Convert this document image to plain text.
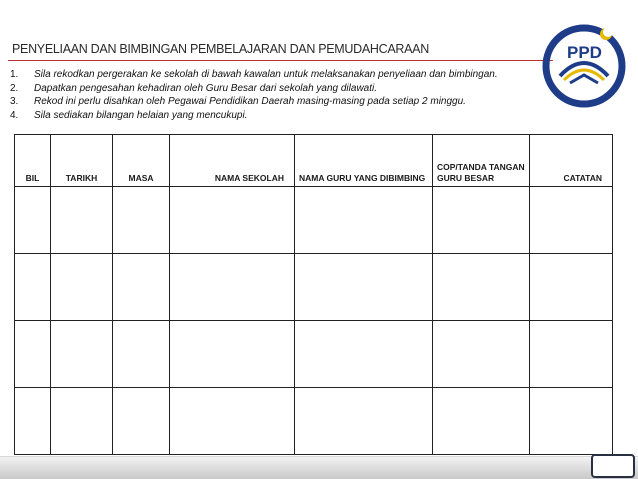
PENYELIAAN DAN BIMBINGAN PEMBELAJARAN DAN PEMUDAHCARAAN
1.	Sila rekodkan pergerakan ke sekolah di bawah kawalan untuk melaksanakan penyeliaan dan bimbingan.
2.	Dapatkan pengesahan kehadiran oleh Guru Besar dari sekolah yang dilawati.
3.	Rekod ini perlu disahkan oleh Pegawai Pendidikan Daerah masing-masing pada setiap 2 minggu.
4.	Sila sediakan bilangan helaian yang mencukupi.
PPD
BIL	TARIKH	MASA	NAMA SEKOLAH	NAMA GURU YANG DIBIMBING	COP/TANDA TANGAN GURU BESAR	CATATAN
